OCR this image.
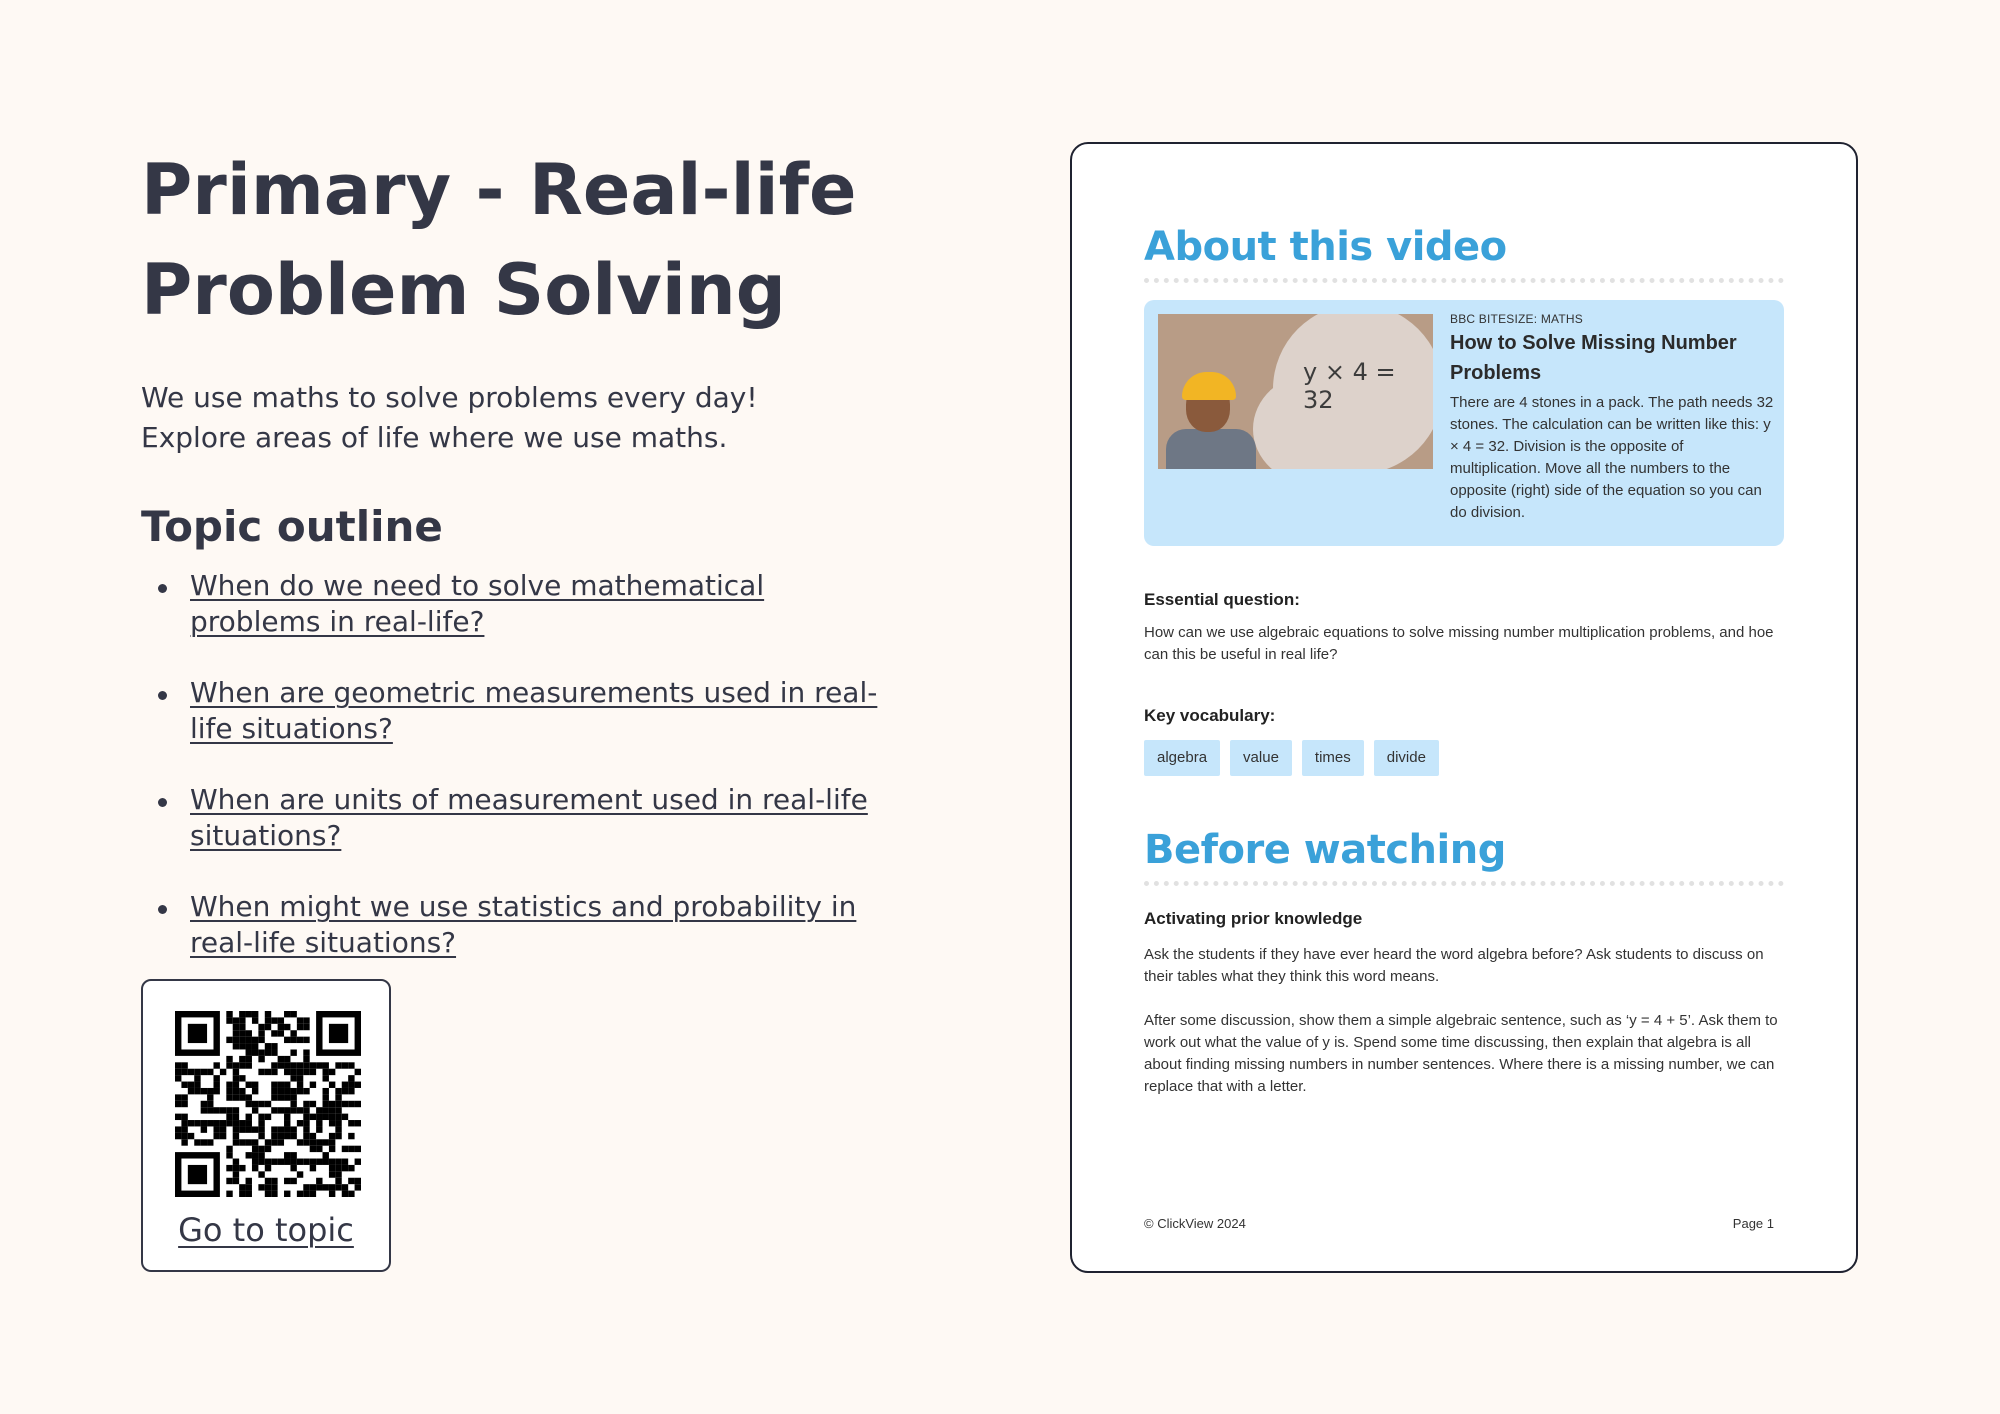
Primary - Real-life
Problem Solving

We use maths to solve problems every day! Explore areas of life where we use maths.

Topic outline
When do we need to solve mathematical problems in real-life?
When are geometric measurements used in real-life situations?
When are units of measurement used in real-life situations?
When might we use statistics and probability in real-life situations?
Go to topic
About this video
y × 4 = 32
BBC BITESIZE: MATHS
How to Solve Missing Number Problems
There are 4 stones in a pack. The path needs 32 stones. The calculation can be written like this: y × 4 = 32. Division is the opposite of multiplication. Move all the numbers to the opposite (right) side of the equation so you can do division.
Essential question:
How can we use algebraic equations to solve missing number multiplication problems, and hoe can this be useful in real life?
Key vocabulary:
algebra	value	times	divide
Before watching
Activating prior knowledge
Ask the students if they have ever heard the word algebra before? Ask students to discuss on their tables what they think this word means.
After some discussion, show them a simple algebraic sentence, such as ‘y = 4 + 5’. Ask them to work out what the value of y is. Spend some time discussing, then explain that algebra is all about finding missing numbers in number sentences. Where there is a missing number, we can replace that with a letter.
© ClickView 2024	Page 1
